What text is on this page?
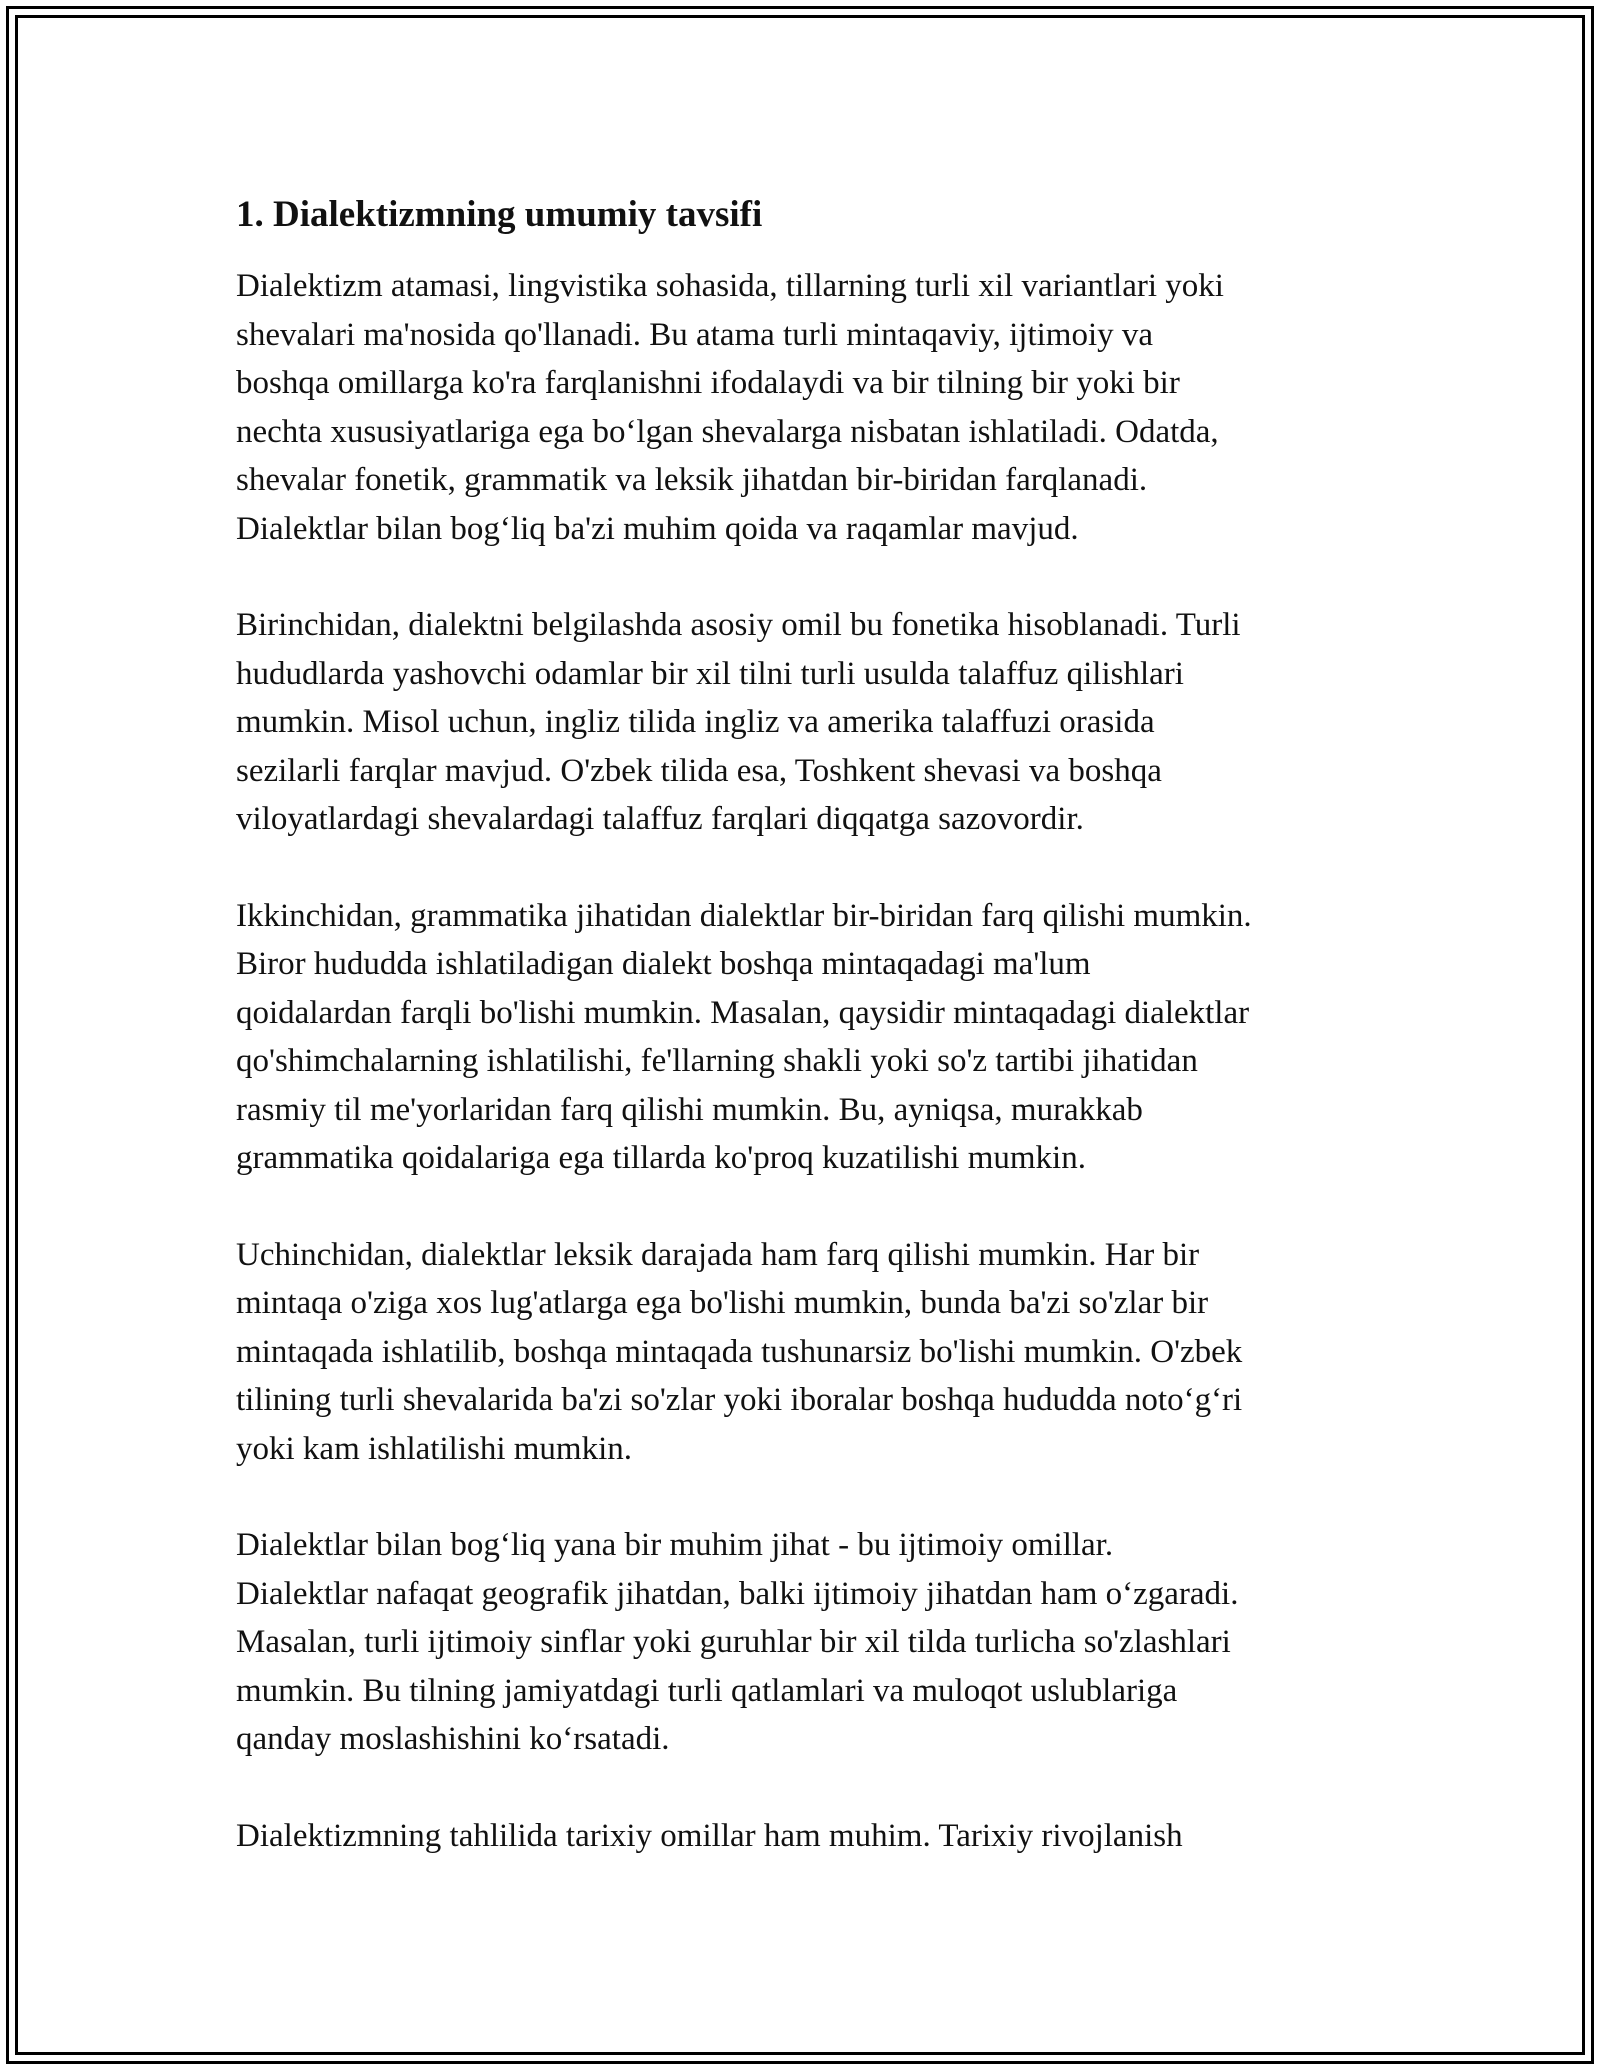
1. Dialektizmning umumiy tavsifi

Dialektizm atamasi, lingvistika sohasida, tillarning turli xil variantlari yoki
shevalari ma'nosida qo'llanadi. Bu atama turli mintaqaviy, ijtimoiy va
boshqa omillarga ko'ra farqlanishni ifodalaydi va bir tilning bir yoki bir
nechta xususiyatlariga ega boʻlgan shevalarga nisbatan ishlatiladi. Odatda,
shevalar fonetik, grammatik va leksik jihatdan bir-biridan farqlanadi.
Dialektlar bilan bogʻliq ba'zi muhim qoida va raqamlar mavjud.

Birinchidan, dialektni belgilashda asosiy omil bu fonetika hisoblanadi. Turli
hududlarda yashovchi odamlar bir xil tilni turli usulda talaffuz qilishlari
mumkin. Misol uchun, ingliz tilida ingliz va amerika talaffuzi orasida
sezilarli farqlar mavjud. O'zbek tilida esa, Toshkent shevasi va boshqa
viloyatlardagi shevalardagi talaffuz farqlari diqqatga sazovordir.

Ikkinchidan, grammatika jihatidan dialektlar bir-biridan farq qilishi mumkin.
Biror hududda ishlatiladigan dialekt boshqa mintaqadagi ma'lum
qoidalardan farqli bo'lishi mumkin. Masalan, qaysidir mintaqadagi dialektlar
qo'shimchalarning ishlatilishi, fe'llarning shakli yoki so'z tartibi jihatidan
rasmiy til me'yorlaridan farq qilishi mumkin. Bu, ayniqsa, murakkab
grammatika qoidalariga ega tillarda ko'proq kuzatilishi mumkin.

Uchinchidan, dialektlar leksik darajada ham farq qilishi mumkin. Har bir
mintaqa o'ziga xos lug'atlarga ega bo'lishi mumkin, bunda ba'zi so'zlar bir
mintaqada ishlatilib, boshqa mintaqada tushunarsiz bo'lishi mumkin. O'zbek
tilining turli shevalarida ba'zi so'zlar yoki iboralar boshqa hududda notoʻgʻri
yoki kam ishlatilishi mumkin.

Dialektlar bilan bogʻliq yana bir muhim jihat - bu ijtimoiy omillar.
Dialektlar nafaqat geografik jihatdan, balki ijtimoiy jihatdan ham oʻzgaradi.
Masalan, turli ijtimoiy sinflar yoki guruhlar bir xil tilda turlicha so'zlashlari
mumkin. Bu tilning jamiyatdagi turli qatlamlari va muloqot uslublariga
qanday moslashishini koʻrsatadi.

Dialektizmning tahlilida tarixiy omillar ham muhim. Tarixiy rivojlanish
